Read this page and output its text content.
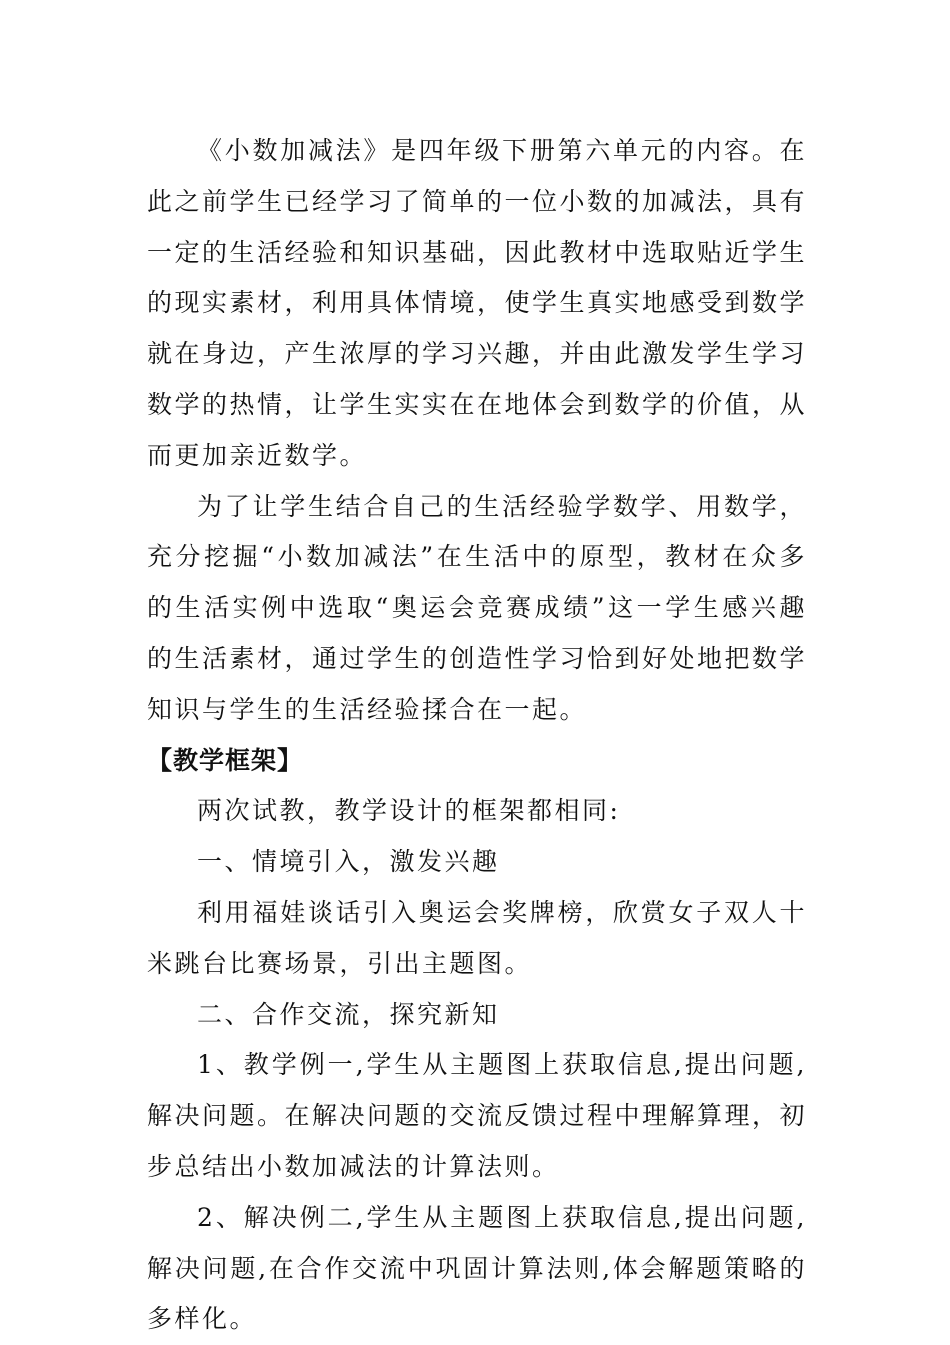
《小数加减法》是四年级下册第六单元的内容。在此之前学生已经学习了简单的一位小数的加减法，具有一定的生活经验和知识基础，因此教材中选取贴近学生的现实素材，利用具体情境，使学生真实地感受到数学就在身边，产生浓厚的学习兴趣，并由此激发学生学习数学的热情，让学生实实在在地体会到数学的价值，从而更加亲近数学。

为了让学生结合自己的生活经验学数学、用数学，充分挖掘“小数加减法”在生活中的原型，教材在众多的生活实例中选取“奥运会竞赛成绩”这一学生感兴趣的生活素材，通过学生的创造性学习恰到好处地把数学知识与学生的生活经验揉合在一起。

【教学框架】

两次试教，教学设计的框架都相同:

一、情境引入，激发兴趣

利用福娃谈话引入奥运会奖牌榜，欣赏女子双人十米跳台比赛场景，引出主题图。

二、合作交流，探究新知

1、教学例一,学生从主题图上获取信息,提出问题,解决问题。在解决问题的交流反馈过程中理解算理，初步总结出小数加减法的计算法则。

2、解决例二,学生从主题图上获取信息,提出问题,解决问题,在合作交流中巩固计算法则,体会解题策略的多样化。
